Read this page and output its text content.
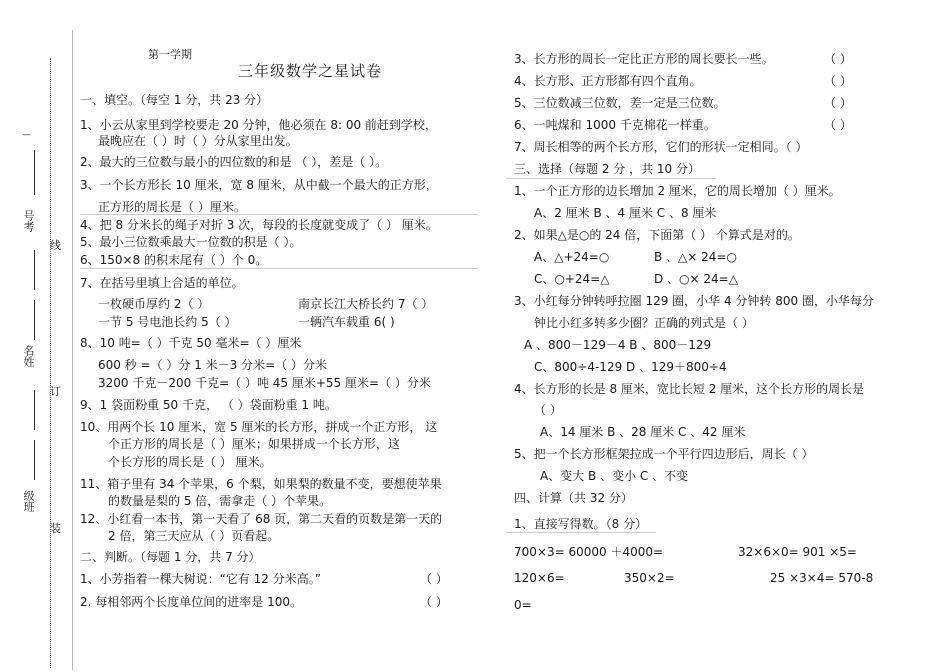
号考
名姓
级班
—
线
订
装
第一学期
三年级数学之星试卷
一、填空。（每空 1 分，共 23 分）
1、小云从家里到学校要走 20 分钟，他必须在 8: 00 前赶到学校，
最晚应在（ ）时（ ）分从家里出发。
2、最大的三位数与最小的四位数的和是 （ ），差是（ ）。
3、一个长方形长 10 厘米，宽 8 厘米，从中截一个最大的正方形，
正方形的周长是（ ）厘米。
4、把 8 分米长的绳子对折 3 次，每段的长度就变成了（ ） 厘米。
5、最小三位数乘最大一位数的积是（ ）。
6、150×8 的积末尾有（ ）个 0。
7、在括号里填上合适的单位。
一枚硬币厚约 2（ ）	南京长江大桥长约 7（ ）
一节 5 号电池长约 5（ ）	一辆汽车载重 6( )
8、10 吨=（ ）千克 50 毫米=（ ）厘米
600 秒 =（ ）分 1 米－3 分米=（ ）分米
3200 千克－200 千克=（ ）吨 45 厘米+55 厘米=（ ）分米
9、1 袋面粉重 50 千克， （ ）袋面粉重 1 吨。
10、用两个长 10 厘米，宽 5 厘米的长方形，拼成一个正方形， 这
个正方形的周长是（ ）厘米；如果拼成一个长方形，这
个长方形的周长是（ ） 厘米。
11、箱子里有 34 个苹果，6 个梨，如果梨的数量不变，要想使苹果
的数量是梨的 5 倍，需拿走（ ）个苹果。
12、小红看一本书，第一天看了 68 页，第二天看的页数是第一天的
2 倍，第三天应从（ ）页看起。
二、判断。（每题 1 分，共 7 分）
1、小芳指着一棵大树说：“它有 12 分米高。”	（ ）
2. 每相邻两个长度单位间的进率是 100。	（ ）
3、长方形的周长一定比正方形的周长要长一些。	（ ）
4、长方形、正方形都有四个直角。	（ ）
5、三位数减三位数，差一定是三位数。	（ ）
6、一吨煤和 1000 千克棉花一样重。	（ ）
7、周长相等的两个长方形，它们的形状一定相同。（ ）
三、选择（每题 2 分 ，共 10 分）
1、一个正方形的边长增加 2 厘米，它的周长增加（ ）厘米。
A、2 厘米 B 、4 厘米 C 、8 厘米
2、如果△是○的 24 倍，下面第（ ） 个算式是对的。
A、△+24=○	B 、△× 24=○
C、○+24=△	D 、○× 24=△
3、小红每分钟转呼拉圈 129 圈，小华 4 分钟转 800 圈，小华每分
钟比小红多转多少圈？正确的列式是（ ）
A 、800－129－4 B 、800－129
C、800÷4-129 D 、129＋800÷4
4、长方形的长是 8 厘米，宽比长短 2 厘米，这个长方形的周长是
（ ）
A、14 厘米 B 、28 厘米 C 、42 厘米
5、把一个长方形框架拉成一个平行四边形后，周长（ ）
A、变大 B 、变小 C 、不变
四、计算（共 32 分）
1、直接写得数。（8 分）
700×3= 60000 ＋4000=	32×6×0= 901 ×5=
120×6=	350×2=	25 ×3×4= 570-8
0=
